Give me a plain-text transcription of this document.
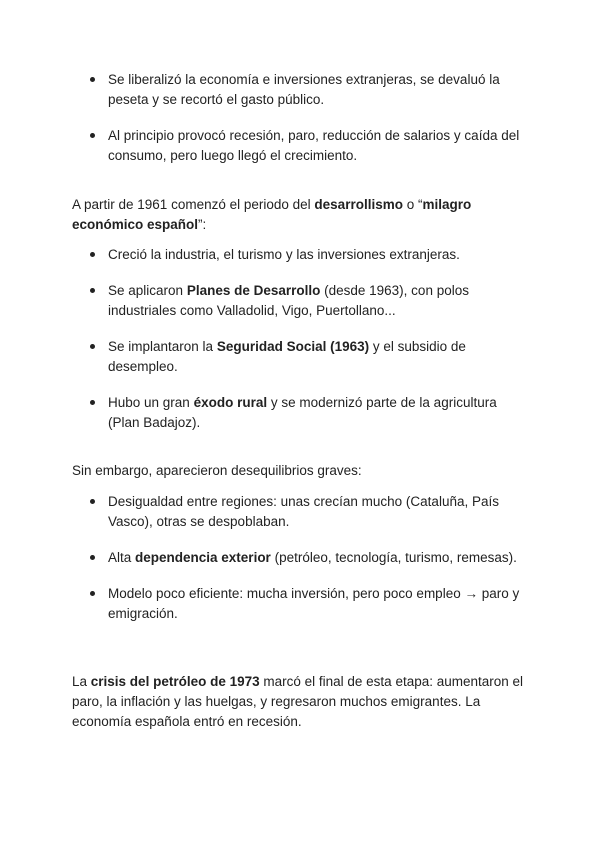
Se liberalizó la economía e inversiones extranjeras, se devaluó la peseta y se recortó el gasto público.
Al principio provocó recesión, paro, reducción de salarios y caída del consumo, pero luego llegó el crecimiento.

A partir de 1961 comenzó el periodo del desarrollismo o “milagro económico español”:

Creció la industria, el turismo y las inversiones extranjeras.
Se aplicaron Planes de Desarrollo (desde 1963), con polos industriales como Valladolid, Vigo, Puertollano...
Se implantaron la Seguridad Social (1963) y el subsidio de desempleo.
Hubo un gran éxodo rural y se modernizó parte de la agricultura (Plan Badajoz).

Sin embargo, aparecieron desequilibrios graves:

Desigualdad entre regiones: unas crecían mucho (Cataluña, País Vasco), otras se despoblaban.
Alta dependencia exterior (petróleo, tecnología, turismo, remesas).
Modelo poco eficiente: mucha inversión, pero poco empleo → paro y emigración.

La crisis del petróleo de 1973 marcó el final de esta etapa: aumentaron el paro, la inflación y las huelgas, y regresaron muchos emigrantes. La economía española entró en recesión.
